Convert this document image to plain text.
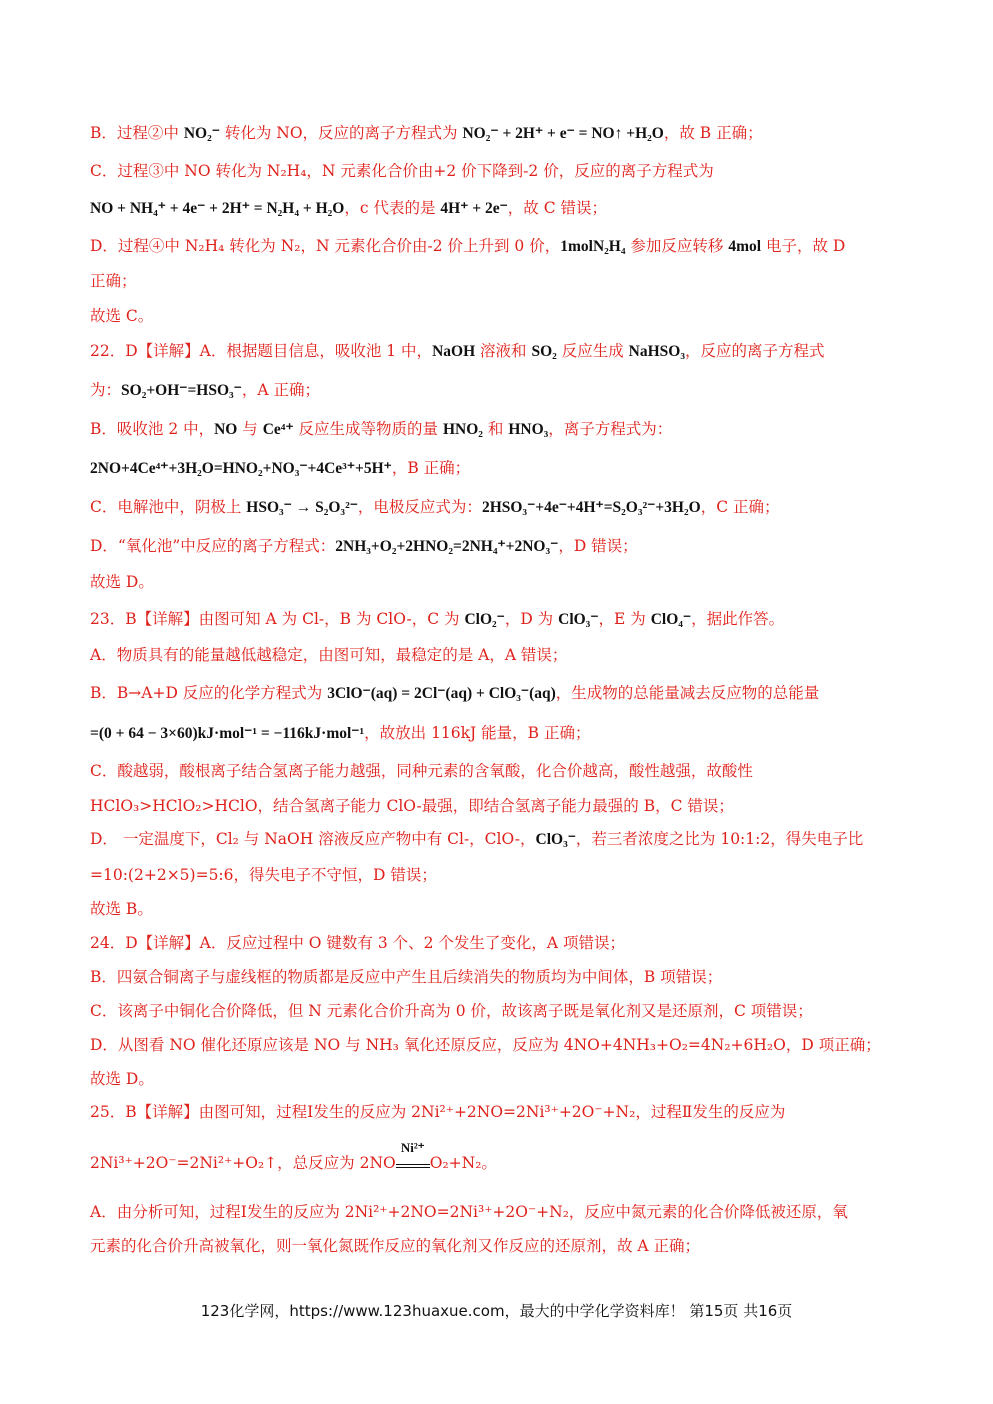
B．过程②中 NO₂⁻ 转化为 NO，反应的离子方程式为 NO₂⁻ + 2H⁺ + e⁻ = NO↑ +H₂O，故 B 正确；
C．过程③中 NO 转化为 N₂H₄，N 元素化合价由+2 价下降到-2 价，反应的离子方程式为
NO + NH₄⁺ + 4e⁻ + 2H⁺ = N₂H₄ + H₂O，c 代表的是 4H⁺ + 2e⁻，故 C 错误；
D．过程④中 N₂H₄ 转化为 N₂，N 元素化合价由-2 价上升到 0 价，1molN₂H₄ 参加反应转移 4mol 电子，故 D
正确；
故选 C。
22．D【详解】A．根据题目信息，吸收池 1 中，NaOH 溶液和 SO₂ 反应生成 NaHSO₃，反应的离子方程式
为：SO₂+OH⁻=HSO₃⁻，A 正确；
B．吸收池 2 中，NO 与 Ce⁴⁺ 反应生成等物质的量 HNO₂ 和 HNO₃，离子方程式为：
2NO+4Ce⁴⁺+3H₂O=HNO₂+NO₃⁻+4Ce³⁺+5H⁺，B 正确；
C．电解池中，阴极上 HSO₃⁻ → S₂O₃²⁻，电极反应式为：2HSO₃⁻+4e⁻+4H⁺=S₂O₃²⁻+3H₂O，C 正确；
D．“氧化池”中反应的离子方程式：2NH₃+O₂+2HNO₂=2NH₄⁺+2NO₃⁻，D 错误；
故选 D。
23．B【详解】由图可知 A 为 Cl-，B 为 ClO-，C 为 ClO₂⁻，D 为 ClO₃⁻，E 为 ClO₄⁻，据此作答。
A．物质具有的能量越低越稳定，由图可知，最稳定的是 A，A 错误；
B．B→A+D 反应的化学方程式为 3ClO⁻(aq) = 2Cl⁻(aq) + ClO₃⁻(aq)，生成物的总能量减去反应物的总能量
=(0 + 64 − 3×60)kJ·mol⁻¹ = −116kJ·mol⁻¹，故放出 116kJ 能量，B 正确；
C．酸越弱，酸根离子结合氢离子能力越强，同种元素的含氧酸，化合价越高，酸性越强，故酸性
HClO₃>HClO₂>HClO，结合氢离子能力 ClO-最强，即结合氢离子能力最强的 B，C 错误；
D． 一定温度下，Cl₂ 与 NaOH 溶液反应产物中有 Cl-，ClO-，ClO₃⁻，若三者浓度之比为 10:1:2，得失电子比
=10:(2+2×5)=5:6，得失电子不守恒，D 错误；
故选 B。
24．D【详解】A．反应过程中 O 键数有 3 个、2 个发生了变化，A 项错误；
B．四氨合铜离子与虚线框的物质都是反应中产生且后续消失的物质均为中间体，B 项错误；
C．该离子中铜化合价降低，但 N 元素化合价升高为 0 价，故该离子既是氧化剂又是还原剂，C 项错误；
D．从图看 NO 催化还原应该是 NO 与 NH₃ 氧化还原反应，反应为 4NO+4NH₃+O₂=4N₂+6H₂O，D 项正确；
故选 D。
25．B【详解】由图可知，过程Ⅰ发生的反应为 2Ni²⁺+2NO=2Ni³⁺+2O⁻+N₂，过程Ⅱ发生的反应为
A．由分析可知，过程Ⅰ发生的反应为 2Ni²⁺+2NO=2Ni³⁺+2O⁻+N₂，反应中氮元素的化合价降低被还原，氧
元素的化合价升高被氧化，则一氧化氮既作反应的氧化剂又作反应的还原剂，故 A 正确；
2Ni³⁺+2O⁻=2Ni²⁺+O₂↑，总反应为 2NO
Ni²⁺
O₂+N₂。
123化学网，https://www.123huaxue.com，最大的中学化学资料库！ 第15页 共16页
